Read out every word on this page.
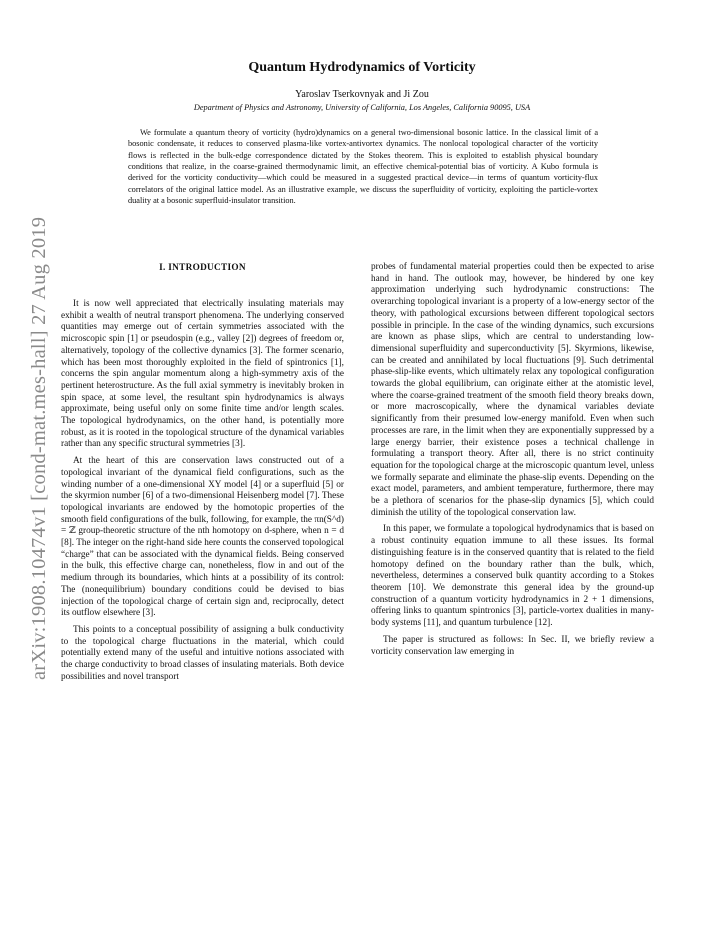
arXiv:1908.10474v1 [cond-mat.mes-hall] 27 Aug 2019
Quantum Hydrodynamics of Vorticity
Yaroslav Tserkovnyak and Ji Zou
Department of Physics and Astronomy, University of California, Los Angeles, California 90095, USA

We formulate a quantum theory of vorticity (hydro)dynamics on a general two-dimensional bosonic lattice. In the classical limit of a bosonic condensate, it reduces to conserved plasma-like vortex-antivortex dynamics. The nonlocal topological character of the vorticity flows is reflected in the bulk-edge correspondence dictated by the Stokes theorem. This is exploited to establish physical boundary conditions that realize, in the coarse-grained thermodynamic limit, an effective chemical-potential bias of vorticity. A Kubo formula is derived for the vorticity conductivity—which could be measured in a suggested practical device—in terms of quantum vorticity-flux correlators of the original lattice model. As an illustrative example, we discuss the superfluidity of vorticity, exploiting the particle-vortex duality at a bosonic superfluid-insulator transition.

I. INTRODUCTION

It is now well appreciated that electrically insulating materials may exhibit a wealth of neutral transport phenomena. The underlying conserved quantities may emerge out of certain symmetries associated with the microscopic spin [1] or pseudospin (e.g., valley [2]) degrees of freedom or, alternatively, topology of the collective dynamics [3]. The former scenario, which has been most thoroughly exploited in the field of spintronics [1], concerns the spin angular momentum along a high-symmetry axis of the pertinent heterostructure. As the full axial symmetry is inevitably broken in spin space, at some level, the resultant spin hydrodynamics is always approximate, being useful only on some finite time and/or length scales. The topological hydrodynamics, on the other hand, is potentially more robust, as it is rooted in the topological structure of the dynamical variables rather than any specific structural symmetries [3].

At the heart of this are conservation laws constructed out of a topological invariant of the dynamical field configurations, such as the winding number of a one-dimensional XY model [4] or a superfluid [5] or the skyrmion number [6] of a two-dimensional Heisenberg model [7]. These topological invariants are endowed by the homotopic properties of the smooth field configurations of the bulk, following, for example, the πn(S^d) = ℤ group-theoretic structure of the nth homotopy on d-sphere, when n = d [8]. The integer on the right-hand side here counts the conserved topological “charge” that can be associated with the dynamical fields. Being conserved in the bulk, this effective charge can, nonetheless, flow in and out of the medium through its boundaries, which hints at a possibility of its control: The (nonequilibrium) boundary conditions could be devised to bias injection of the topological charge of certain sign and, reciprocally, detect its outflow elsewhere [3].

This points to a conceptual possibility of assigning a bulk conductivity to the topological charge fluctuations in the material, which could potentially extend many of the useful and intuitive notions associated with the charge conductivity to broad classes of insulating materials. Both device possibilities and novel transport

probes of fundamental material properties could then be expected to arise hand in hand. The outlook may, however, be hindered by one key approximation underlying such hydrodynamic constructions: The overarching topological invariant is a property of a low-energy sector of the theory, with pathological excursions between different topological sectors possible in principle. In the case of the winding dynamics, such excursions are known as phase slips, which are central to understanding low-dimensional superfluidity and superconductivity [5]. Skyrmions, likewise, can be created and annihilated by local fluctuations [9]. Such detrimental phase-slip-like events, which ultimately relax any topological configuration towards the global equilibrium, can originate either at the atomistic level, where the coarse-grained treatment of the smooth field theory breaks down, or more macroscopically, where the dynamical variables deviate significantly from their presumed low-energy manifold. Even when such processes are rare, in the limit when they are exponentially suppressed by a large energy barrier, their existence poses a technical challenge in formulating a transport theory. After all, there is no strict continuity equation for the topological charge at the microscopic quantum level, unless we formally separate and eliminate the phase-slip events. Depending on the exact model, parameters, and ambient temperature, furthermore, there may be a plethora of scenarios for the phase-slip dynamics [5], which could diminish the utility of the topological conservation law.

In this paper, we formulate a topological hydrodynamics that is based on a robust continuity equation immune to all these issues. Its formal distinguishing feature is in the conserved quantity that is related to the field homotopy defined on the boundary rather than the bulk, which, nevertheless, determines a conserved bulk quantity according to a Stokes theorem [10]. We demonstrate this general idea by the ground-up construction of a quantum vorticity hydrodynamics in 2 + 1 dimensions, offering links to quantum spintronics [3], particle-vortex dualities in many-body systems [11], and quantum turbulence [12].

The paper is structured as follows: In Sec. II, we briefly review a vorticity conservation law emerging in
